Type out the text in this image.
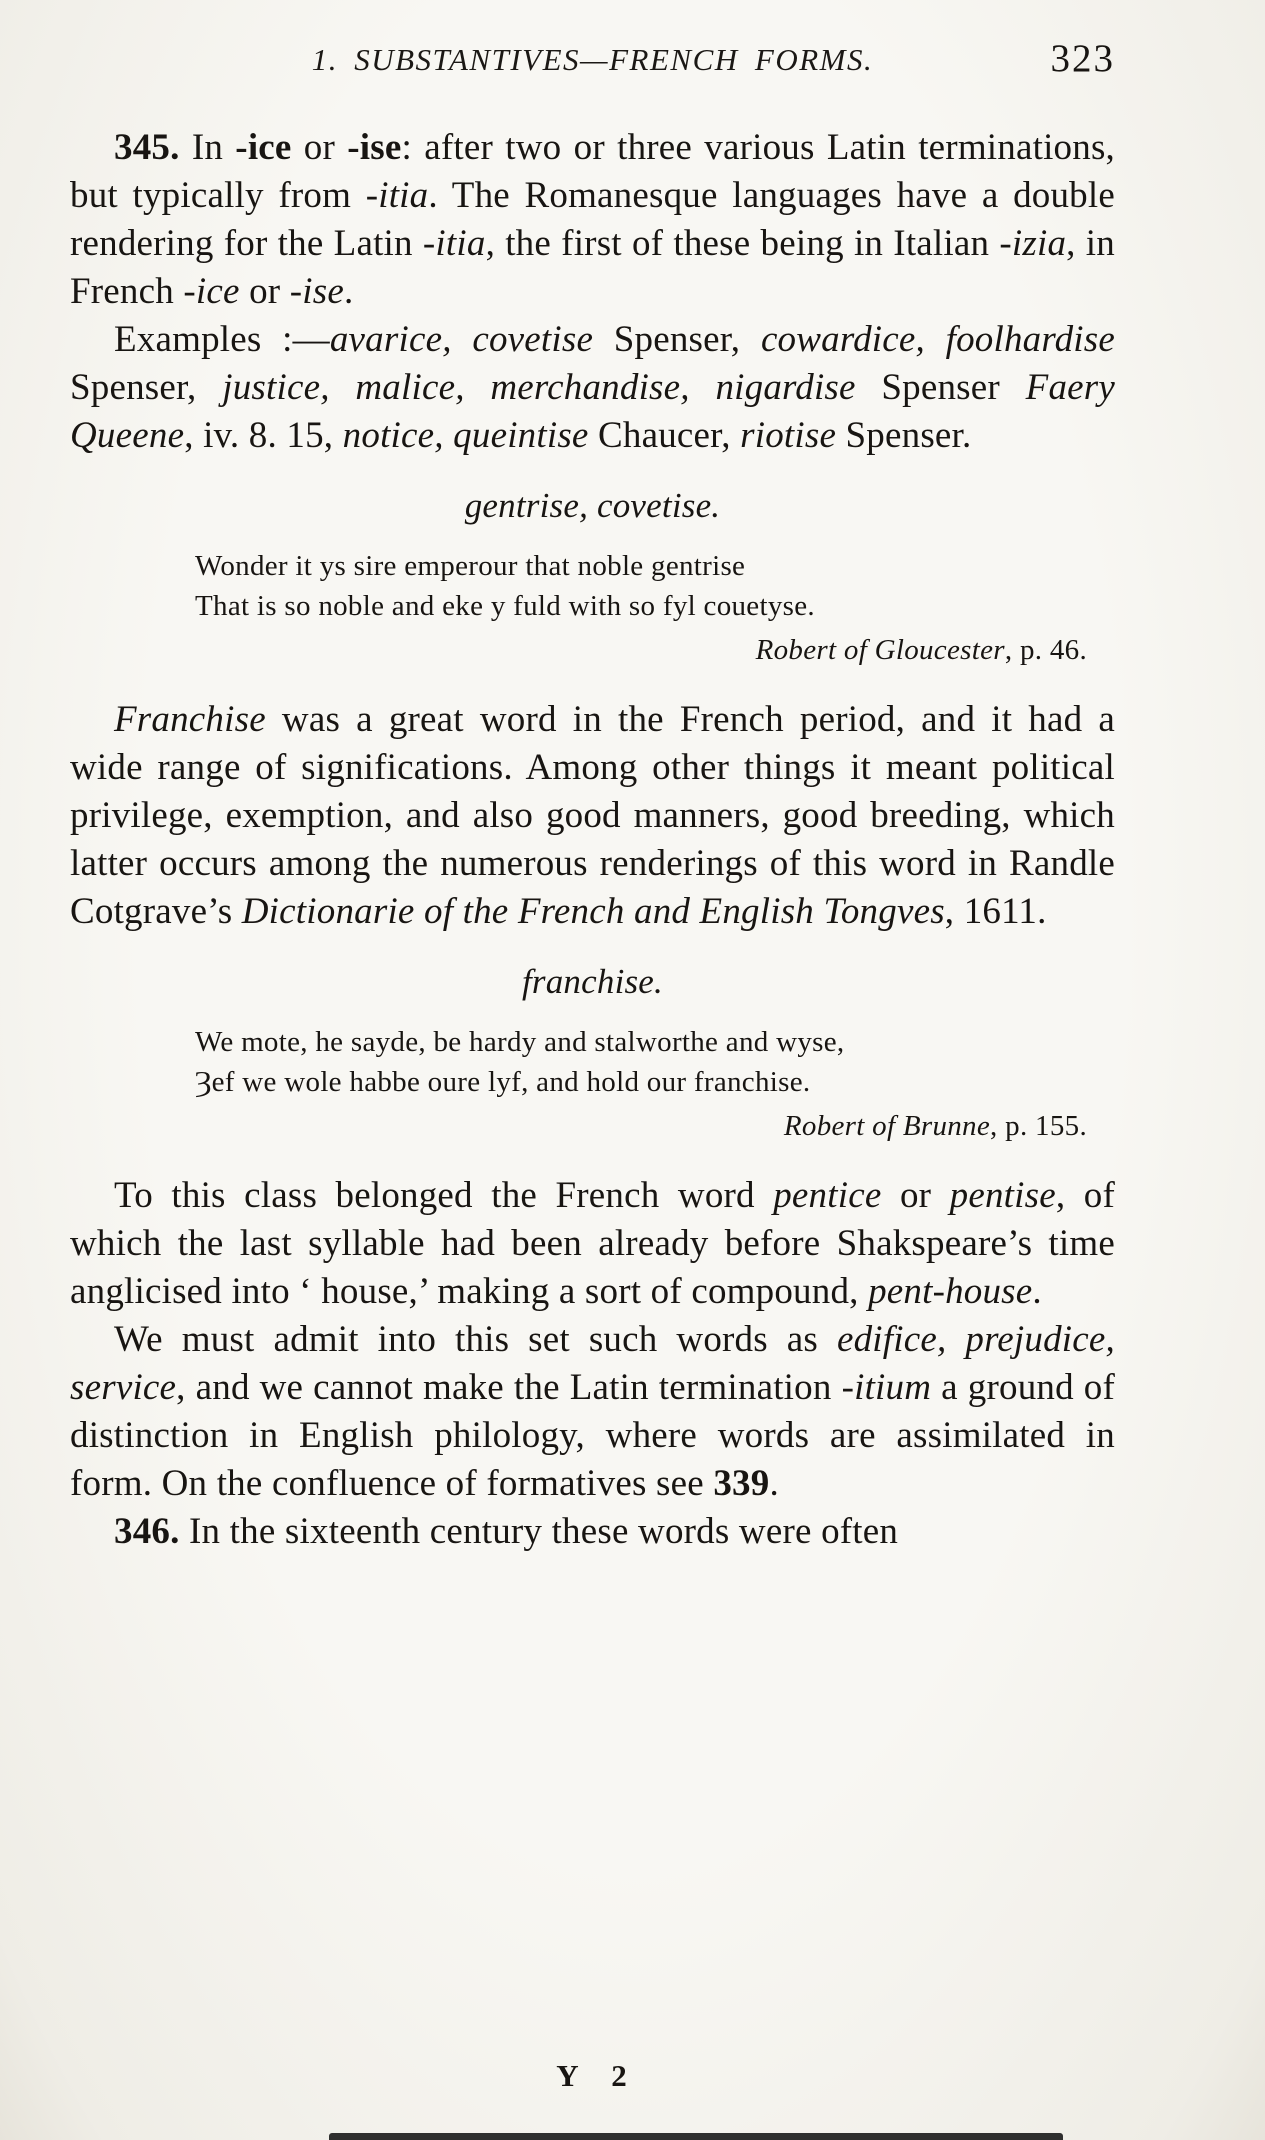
1. SUBSTANTIVES—FRENCH FORMS.	323

345. In -ice or -ise: after two or three various Latin terminations, but typically from -itia. The Romanesque languages have a double rendering for the Latin -itia, the first of these being in Italian -izia, in French -ice or -ise.

Examples :—avarice, covetise Spenser, cowardice, foolhardise Spenser, justice, malice, merchandise, nigardise Spenser Faery Queene, iv. 8. 15, notice, queintise Chaucer, riotise Spenser.

gentrise, covetise.
Wonder it ys sire emperour that noble gentrise
That is so noble and eke y fuld with so fyl couetyse.
Robert of Gloucester, p. 46.

Franchise was a great word in the French period, and it had a wide range of significations. Among other things it meant political privilege, exemption, and also good manners, good breeding, which latter occurs among the numerous renderings of this word in Randle Cotgrave’s Dictionarie of the French and English Tongves, 1611.

franchise.
We mote, he sayde, be hardy and stalworthe and wyse,
Ȝef we wole habbe oure lyf, and hold our franchise.
Robert of Brunne, p. 155.

To this class belonged the French word pentice or pentise, of which the last syllable had been already before Shakspeare’s time anglicised into ‘ house,’ making a sort of compound, pent-house.

We must admit into this set such words as edifice, prejudice, service, and we cannot make the Latin termination -itium a ground of distinction in English philology, where words are assimilated in form. On the confluence of formatives see 339.

346. In the sixteenth century these words were often

Y 2
